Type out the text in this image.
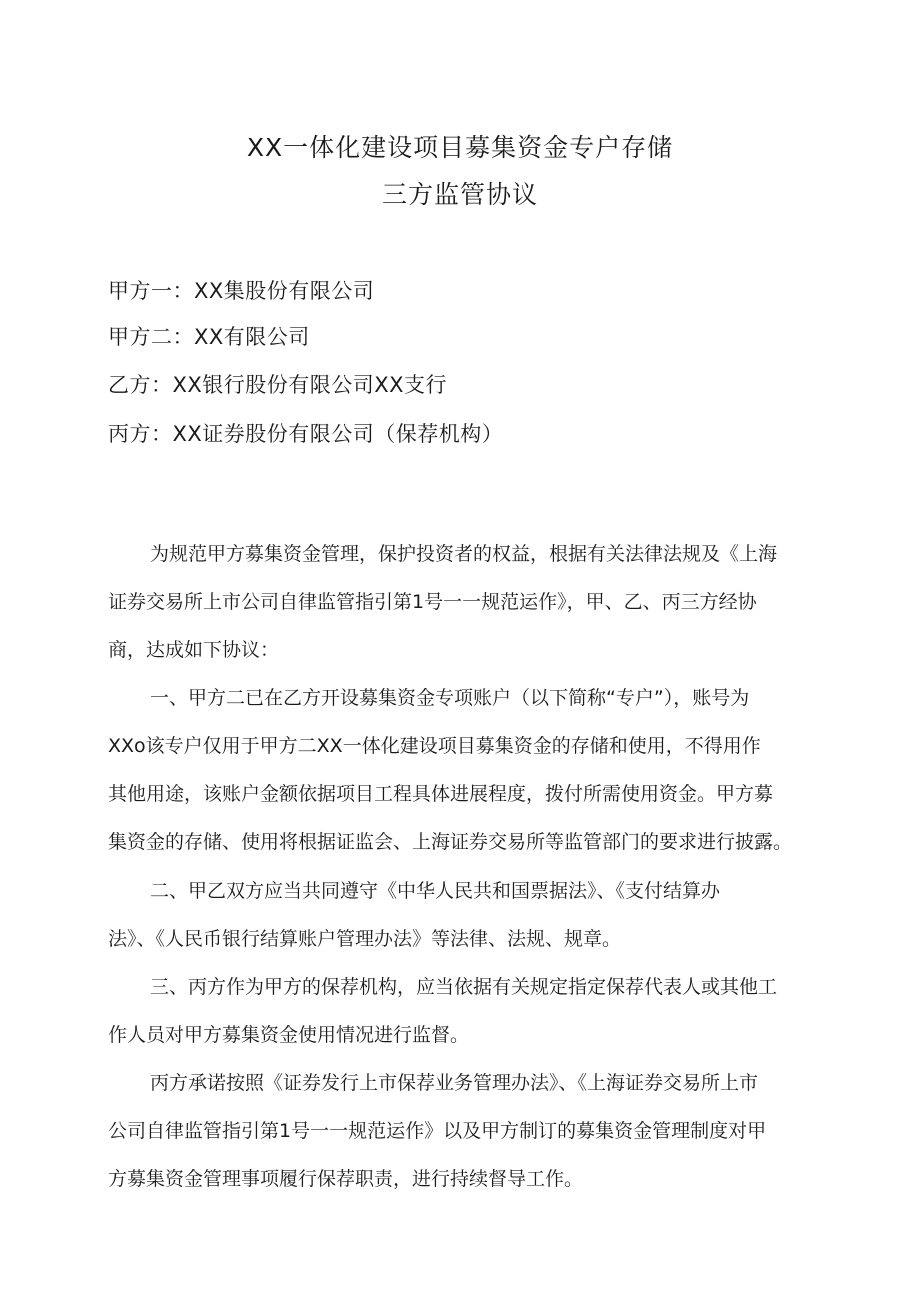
XX一体化建设项目募集资金专户存储
三方监管协议
甲方一：XX集股份有限公司
甲方二：XX有限公司
乙方：XX银行股份有限公司XX支行
丙方：XX证券股份有限公司（保荐机构）
为规范甲方募集资金管理，保护投资者的权益，根据有关法律法规及《上海
证券交易所上市公司自律监管指引第1号一一规范运作》，甲、乙、丙三方经协
商，达成如下协议：
一、甲方二已在乙方开设募集资金专项账户（以下简称“专户”），账号为
XXo该专户仅用于甲方二XX一体化建设项目募集资金的存储和使用，不得用作
其他用途，该账户金额依据项目工程具体进展程度，拨付所需使用资金。甲方募
集资金的存储、使用将根据证监会、上海证券交易所等监管部门的要求进行披露。
二、甲乙双方应当共同遵守《中华人民共和国票据法》、《支付结算办
法》、《人民币银行结算账户管理办法》等法律、法规、规章。
三、丙方作为甲方的保荐机构，应当依据有关规定指定保荐代表人或其他工
作人员对甲方募集资金使用情况进行监督。
丙方承诺按照《证券发行上市保荐业务管理办法》、《上海证券交易所上市
公司自律监管指引第1号一一规范运作》以及甲方制订的募集资金管理制度对甲
方募集资金管理事项履行保荐职责，进行持续督导工作。
